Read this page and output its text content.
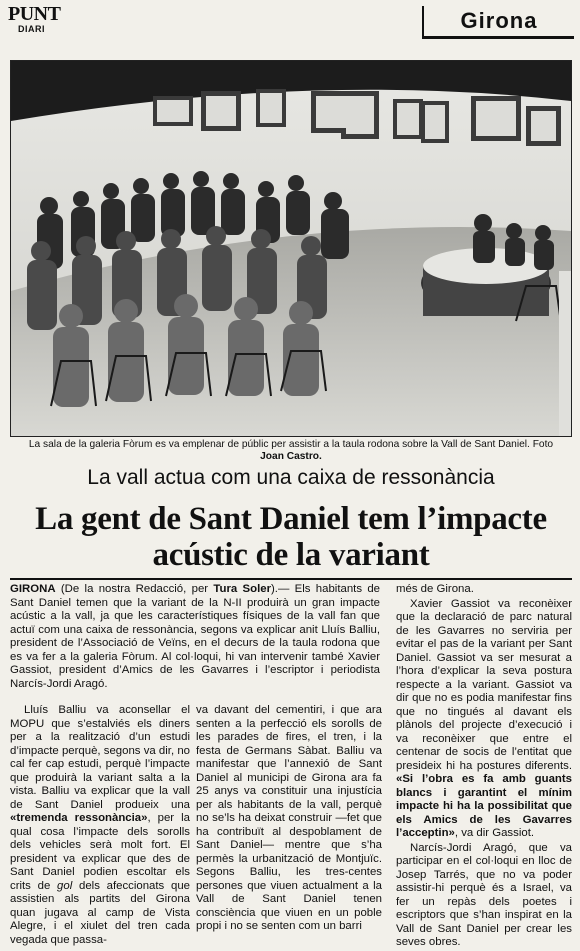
PUNT
DIARI	Girona
La sala de la galeria Fòrum es va emplenar de públic per assistir a la taula rodona sobre la Vall de Sant Daniel. Foto
Joan Castro.
La vall actua com una caixa de ressonància
La gent de Sant Daniel tem l’impacte acústic de la variant

GIRONA (De la nostra Redacció, per Tura Soler).— Els habitants de Sant Daniel temen que la variant de la N-II produirà un gran impacte acústic a la vall, ja que les característiques físiques de la vall fan que actuï com una caixa de ressonància, segons va explicar anit Lluís Balliu, president de l’Associació de Veïns, en el decurs de la taula rodona que es va fer a la galeria Fòrum. Al col·loqui, hi van intervenir també Xavier Gassiot, president d’Amics de les Gavarres i l’escriptor i periodista Narcís-Jordi Aragó.

Lluís Balliu va aconsellar el MOPU que s’estalviés els diners per a la realització d’un estudi d’impacte perquè, segons va dir, no cal fer cap estudi, perquè l’impacte que produirà la variant salta a la vista. Balliu va explicar que la vall de Sant Daniel produeix una «tremenda ressonància», per la qual cosa l’impacte dels sorolls dels vehicles serà molt fort. El president va explicar que des de Sant Daniel podien escoltar els crits de gol dels afeccionats que assistien als partits del Girona quan jugava al camp de Vista Alegre, i el xiulet del tren cada vegada que passa-

va davant del cementiri, i que ara senten a la perfecció els sorolls de les parades de fires, el tren, i la festa de Germans Sàbat. Balliu va manifestar que l’annexió de Sant Daniel al municipi de Girona ara fa 25 anys va constituir una injustícia per als habitants de la vall, perquè no se’ls ha deixat construir —fet que ha contribuït al despoblament de Sant Daniel— mentre que s’ha permès la urbanització de Montjuïc. Segons Balliu, les tres-centes persones que viuen actualment a la Vall de Sant Daniel tenen consciència que viuen en un poble propi i no se senten com un barri

més de Girona.

Xavier Gassiot va reconèixer que la declaració de parc natural de les Gavarres no serviria per evitar el pas de la variant per Sant Daniel. Gassiot va ser mesurat a l’hora d’explicar la seva postura respecte a la variant. Gassiot va dir que no es podia manifestar fins que no tingués al davant els plànols del projecte d’execució i va reconèixer que entre el centenar de socis de l’entitat que presideix hi ha postures diferents. «Si l’obra es fa amb guants blancs i garantint el mínim impacte hi ha la possibilitat que els Amics de les Gavarres l’acceptin», va dir Gassiot.

Narcís-Jordi Aragó, que va participar en el col·loqui en lloc de Josep Tarrés, que no va poder assistir-hi perquè és a Israel, va fer un repàs dels poetes i escriptors que s’han inspirat en la Vall de Sant Daniel per crear les seves obres.
